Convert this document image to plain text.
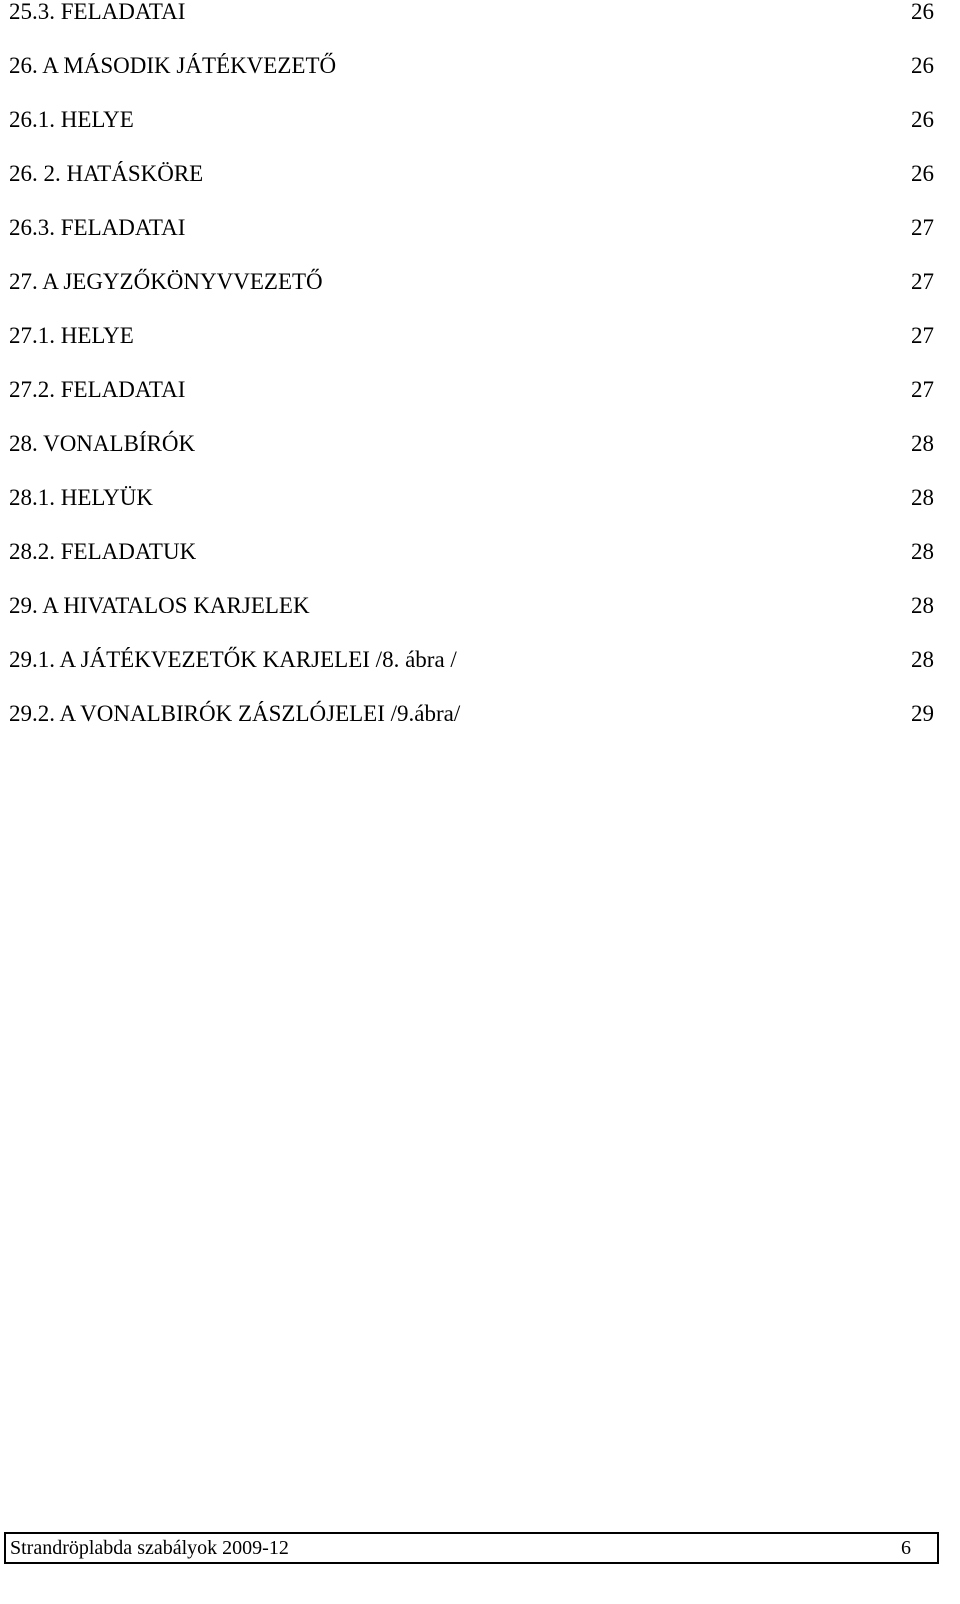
25.3. FELADATAI	26
26. A MÁSODIK JÁTÉKVEZETŐ	26
26.1. HELYE	26
26. 2. HATÁSKÖRE	26
26.3. FELADATAI	27
27. A JEGYZŐKÖNYVVEZETŐ	27
27.1. HELYE	27
27.2. FELADATAI	27
28. VONALBÍRÓK	28
28.1. HELYÜK	28
28.2. FELADATUK	28
29. A HIVATALOS KARJELEK	28
29.1. A JÁTÉKVEZETŐK KARJELEI /8. ábra /	28
29.2. A VONALBIRÓK ZÁSZLÓJELEI /9.ábra/	29
Strandröplabda szabályok 2009-12	6
